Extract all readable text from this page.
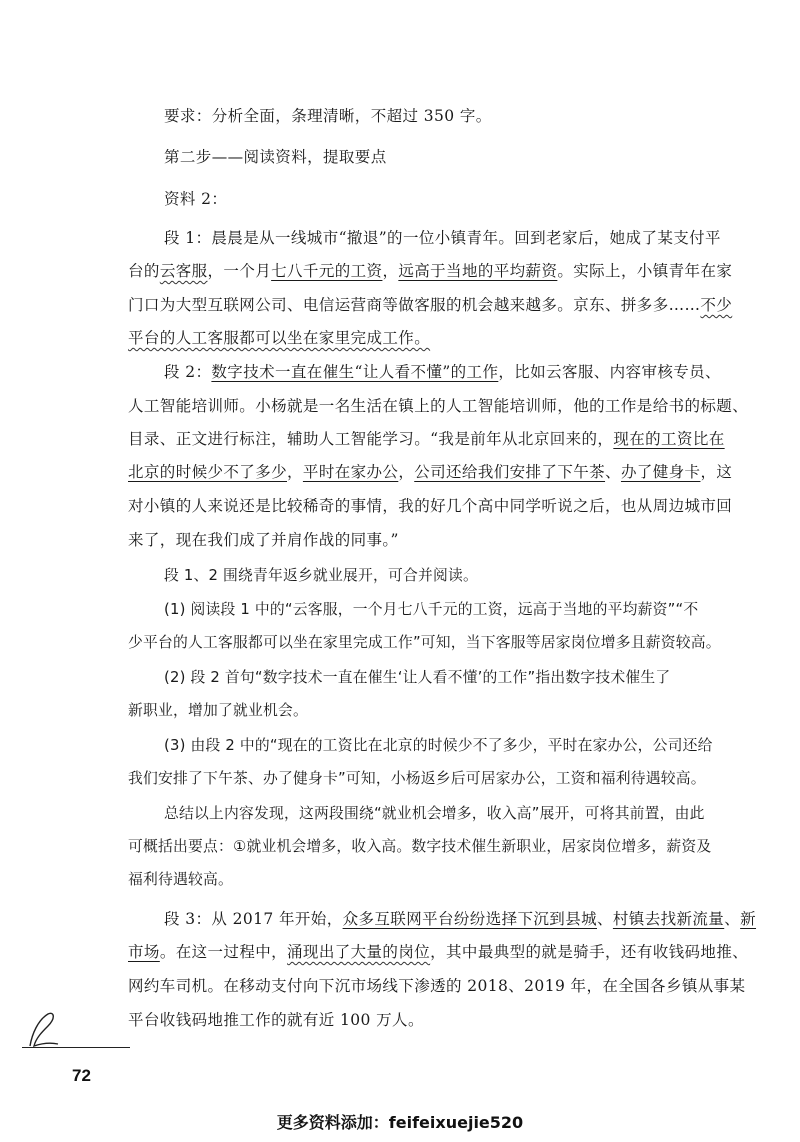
要求：分析全面，条理清晰，不超过 350 字。
第二步——阅读资料，提取要点
资料 2：
段 1：晨晨是从一线城市“撤退”的一位小镇青年。回到老家后，她成了某支付平
台的云客服，一个月七八千元的工资，远高于当地的平均薪资。实际上，小镇青年在家
门口为大型互联网公司、电信运营商等做客服的机会越来越多。京东、拼多多……不少
平台的人工客服都可以坐在家里完成工作。
段 2：数字技术一直在催生“让人看不懂”的工作，比如云客服、内容审核专员、
人工智能培训师。小杨就是一名生活在镇上的人工智能培训师，他的工作是给书的标题、
目录、正文进行标注，辅助人工智能学习。“我是前年从北京回来的，现在的工资比在
北京的时候少不了多少，平时在家办公，公司还给我们安排了下午茶、办了健身卡，这
对小镇的人来说还是比较稀奇的事情，我的好几个高中同学听说之后，也从周边城市回
来了，现在我们成了并肩作战的同事。”
段 1、2 围绕青年返乡就业展开，可合并阅读。
(1) 阅读段 1 中的“云客服，一个月七八千元的工资，远高于当地的平均薪资”“不
少平台的人工客服都可以坐在家里完成工作”可知，当下客服等居家岗位增多且薪资较高。
(2) 段 2 首句“数字技术一直在催生‘让人看不懂’的工作”指出数字技术催生了
新职业，增加了就业机会。
(3) 由段 2 中的“现在的工资比在北京的时候少不了多少，平时在家办公，公司还给
我们安排了下午茶、办了健身卡”可知，小杨返乡后可居家办公，工资和福利待遇较高。
总结以上内容发现，这两段围绕“就业机会增多，收入高”展开，可将其前置，由此
可概括出要点：①就业机会增多，收入高。数字技术催生新职业，居家岗位增多，薪资及
福利待遇较高。
段 3：从 2017 年开始，众多互联网平台纷纷选择下沉到县城、村镇去找新流量、新
市场。在这一过程中，涌现出了大量的岗位，其中最典型的就是骑手，还有收钱码地推、
网约车司机。在移动支付向下沉市场线下渗透的 2018、2019 年，在全国各乡镇从事某
平台收钱码地推工作的就有近 100 万人。
72
更多资料添加：feifeixuejie520
